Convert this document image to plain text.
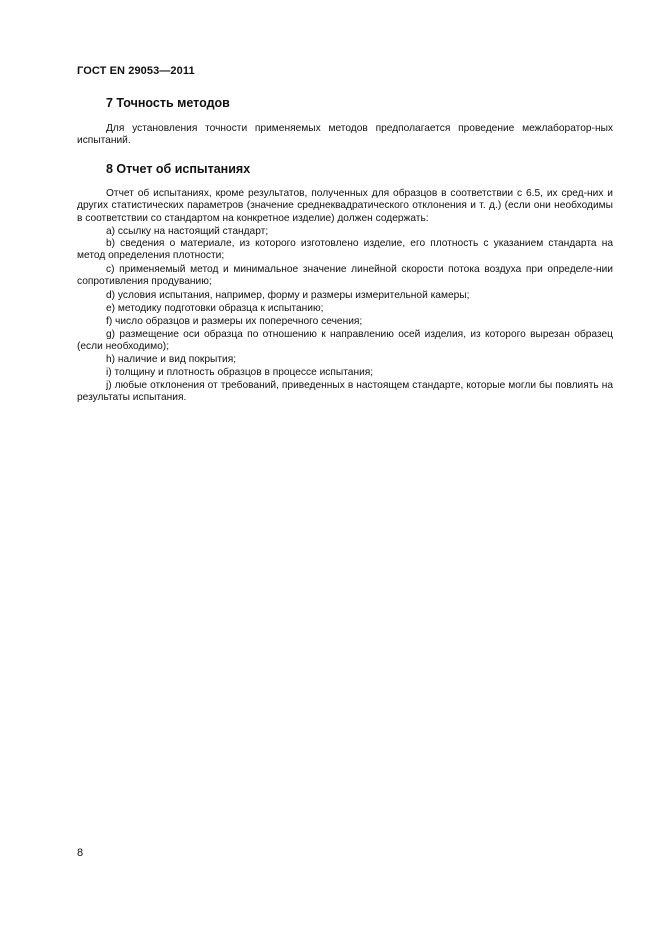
ГОСТ EN 29053—2011
7 Точность методов

Для установления точности применяемых методов предполагается проведение межлаборатор-ных испытаний.

8 Отчет об испытаниях

Отчет об испытаниях, кроме результатов, полученных для образцов в соответствии с 6.5, их сред-них и других статистических параметров (значение среднеквадратического отклонения и т. д.) (если они необходимы в соответствии со стандартом на конкретное изделие) должен содержать:

a) ссылку на настоящий стандарт;

b) сведения о материале, из которого изготовлено изделие, его плотность с указанием стандарта на метод определения плотности;

c) применяемый метод и минимальное значение линейной скорости потока воздуха при определе-нии сопротивления продуванию;

d) условия испытания, например, форму и размеры измерительной камеры;

e) методику подготовки образца к испытанию;

f) число образцов и размеры их поперечного сечения;

g) размещение оси образца по отношению к направлению осей изделия, из которого вырезан образец (если необходимо);

h) наличие и вид покрытия;

i) толщину и плотность образцов в процессе испытания;

j) любые отклонения от требований, приведенных в настоящем стандарте, которые могли бы повлиять на результаты испытания.

8
